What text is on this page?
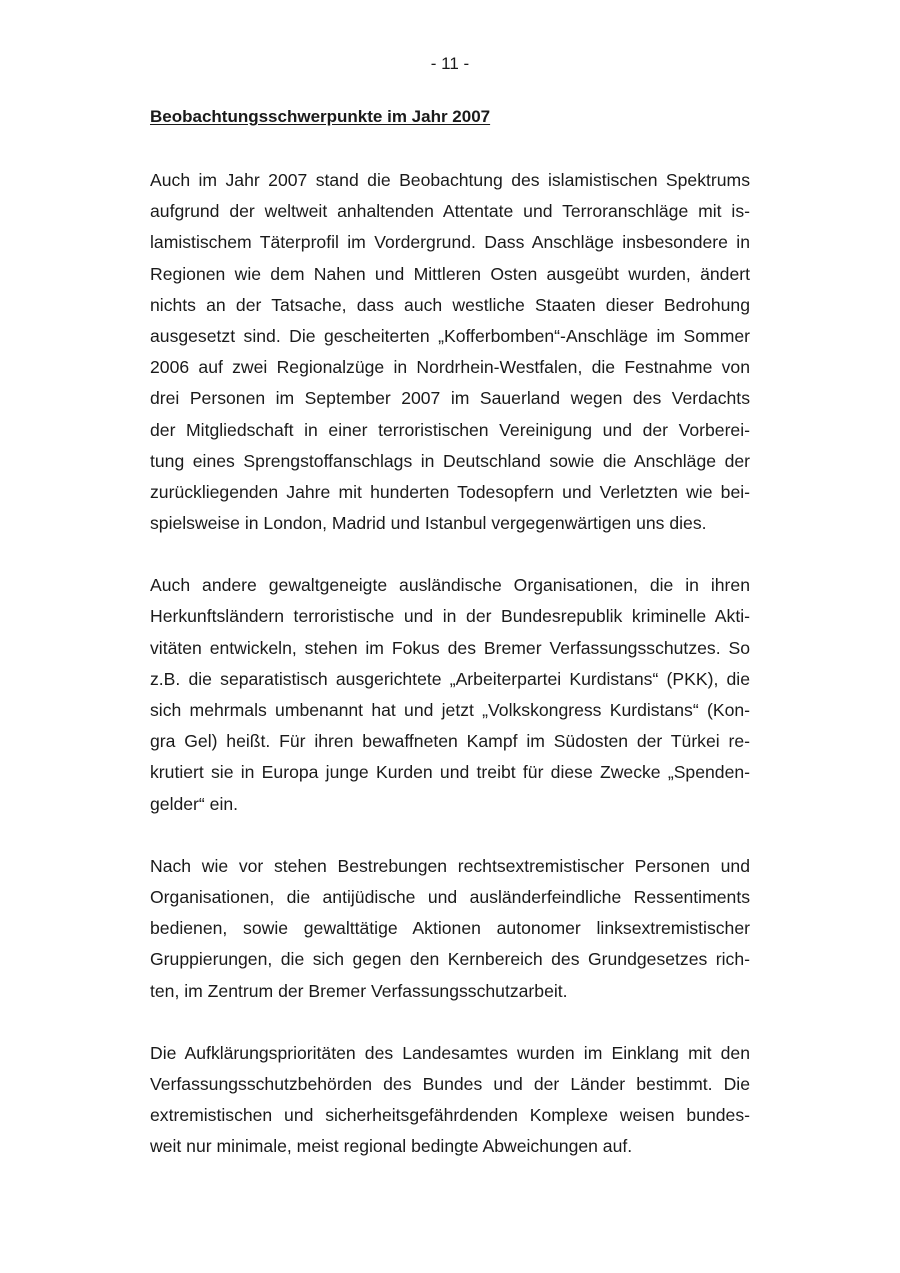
- 11 -
Beobachtungsschwerpunkte im Jahr 2007

Auch im Jahr 2007 stand die Beobachtung des islamistischen Spektrums
aufgrund der weltweit anhaltenden Attentate und Terroranschläge mit is-
lamistischem Täterprofil im Vordergrund. Dass Anschläge insbesondere in
Regionen wie dem Nahen und Mittleren Osten ausgeübt wurden, ändert
nichts an der Tatsache, dass auch westliche Staaten dieser Bedrohung
ausgesetzt sind. Die gescheiterten „Kofferbomben“-Anschläge im Sommer
2006 auf zwei Regionalzüge in Nordrhein-Westfalen, die Festnahme von
drei Personen im September 2007 im Sauerland wegen des Verdachts
der Mitgliedschaft in einer terroristischen Vereinigung und der Vorberei-
tung eines Sprengstoffanschlags in Deutschland sowie die Anschläge der
zurückliegenden Jahre mit hunderten Todesopfern und Verletzten wie bei-
spielsweise in London, Madrid und Istanbul vergegenwärtigen uns dies.

Auch andere gewaltgeneigte ausländische Organisationen, die in ihren
Herkunftsländern terroristische und in der Bundesrepublik kriminelle Akti-
vitäten entwickeln, stehen im Fokus des Bremer Verfassungsschutzes. So
z.B. die separatistisch ausgerichtete „Arbeiterpartei Kurdistans“ (PKK), die
sich mehrmals umbenannt hat und jetzt „Volkskongress Kurdistans“ (Kon-
gra Gel) heißt. Für ihren bewaffneten Kampf im Südosten der Türkei re-
krutiert sie in Europa junge Kurden und treibt für diese Zwecke „Spenden-
gelder“ ein.

Nach wie vor stehen Bestrebungen rechtsextremistischer Personen und
Organisationen, die antijüdische und ausländerfeindliche Ressentiments
bedienen, sowie gewalttätige Aktionen autonomer linksextremistischer
Gruppierungen, die sich gegen den Kernbereich des Grundgesetzes rich-
ten, im Zentrum der Bremer Verfassungsschutzarbeit.

Die Aufklärungsprioritäten des Landesamtes wurden im Einklang mit den
Verfassungsschutzbehörden des Bundes und der Länder bestimmt. Die
extremistischen und sicherheitsgefährdenden Komplexe weisen bundes-
weit nur minimale, meist regional bedingte Abweichungen auf.
